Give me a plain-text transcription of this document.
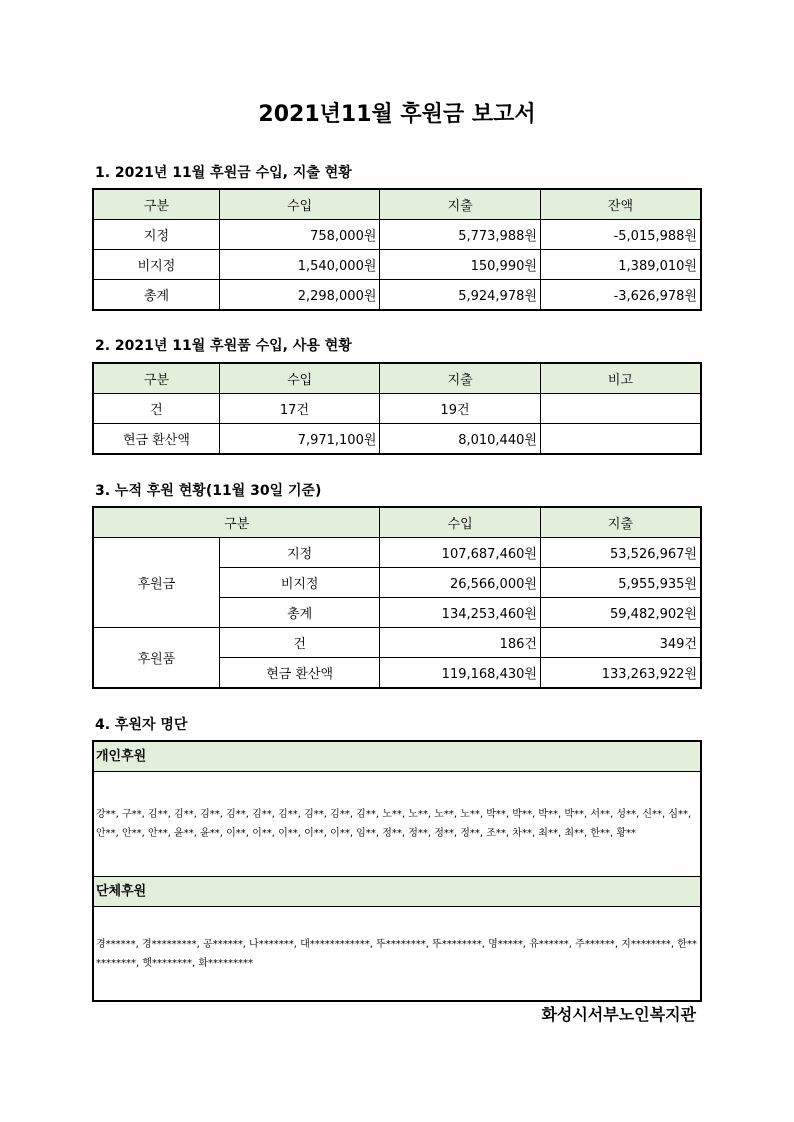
2021년11월 후원금 보고서
1. 2021년 11월 후원금 수입, 지출 현황
구분	수입	지출	잔액
지정	758,000원	5,773,988원	-5,015,988원
비지정	1,540,000원	150,990원	1,389,010원
총계	2,298,000원	5,924,978원	-3,626,978원
2. 2021년 11월 후원품 수입, 사용 현황
구분	수입	지출	비고
건	17건	19건	
현금 환산액	7,971,100원	8,010,440원	
3. 누적 후원 현황(11월 30일 기준)
구분		수입	지출
후원금	지정	107,687,460원	53,526,967원
	비지정	26,566,000원	5,955,935원
	총계	134,253,460원	59,482,902원
후원품	건	186건	349건
	현금 환산액	119,168,430원	133,263,922원
4. 후원자 명단
개인후원
강**, 구**, 김**, 김**, 김**, 김**, 김**, 김**, 김**, 김**, 김**, 노**, 노**, 노**, 노**, 박**, 박**, 박**, 박**, 서**, 성**, 신**, 심**, 안**, 안**, 안**, 윤**, 윤**, 이**, 이**, 이**, 이**, 이**, 임**, 정**, 정**, 정**, 정**, 조**, 차**, 최**, 최**, 한**, 황**
단체후원
경******, 경*********, 공******, 나*******, 대************, 뚜********, 뚜********, 명*****, 유******, 주******, 지********, 한**********, 햇********, 화*********
화성시서부노인복지관
